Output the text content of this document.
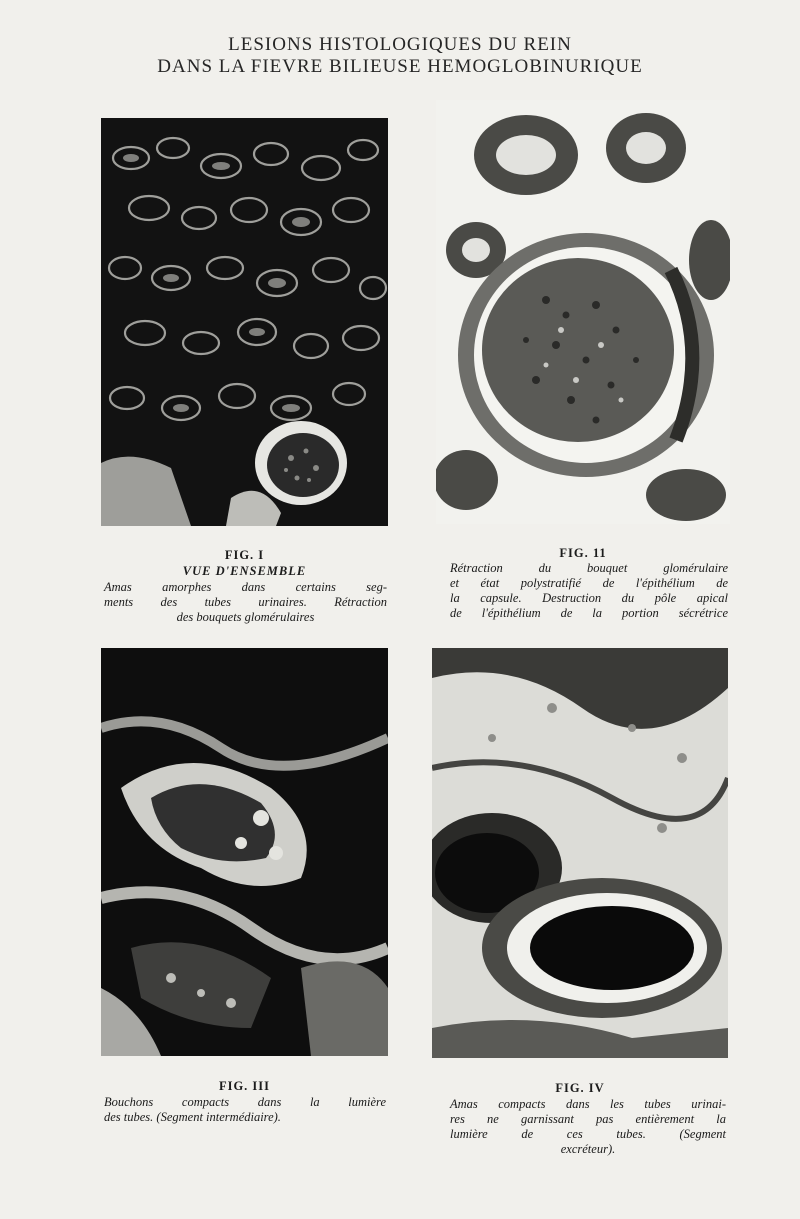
LESIONS HISTOLOGIQUES DU REIN
DANS LA FIEVRE BILIEUSE HEMOGLOBINURIQUE
FIG. I
VUE D'ENSEMBLE
Amas amorphes dans certains seg-
ments des tubes urinaires. Rétraction
des bouquets glomérulaires
FIG. 11
Rétraction du bouquet glomérulaire
et état polystratifié de l'épithélium de
la capsule. Destruction du pôle apical
de l'épithélium de la portion sécrétrice
FIG. III
Bouchons compacts dans la lumière
des tubes. (Segment intermédiaire).
FIG. IV
Amas compacts dans les tubes urinai-
res ne garnissant pas entièrement la
lumière de ces tubes. (Segment
excréteur).
